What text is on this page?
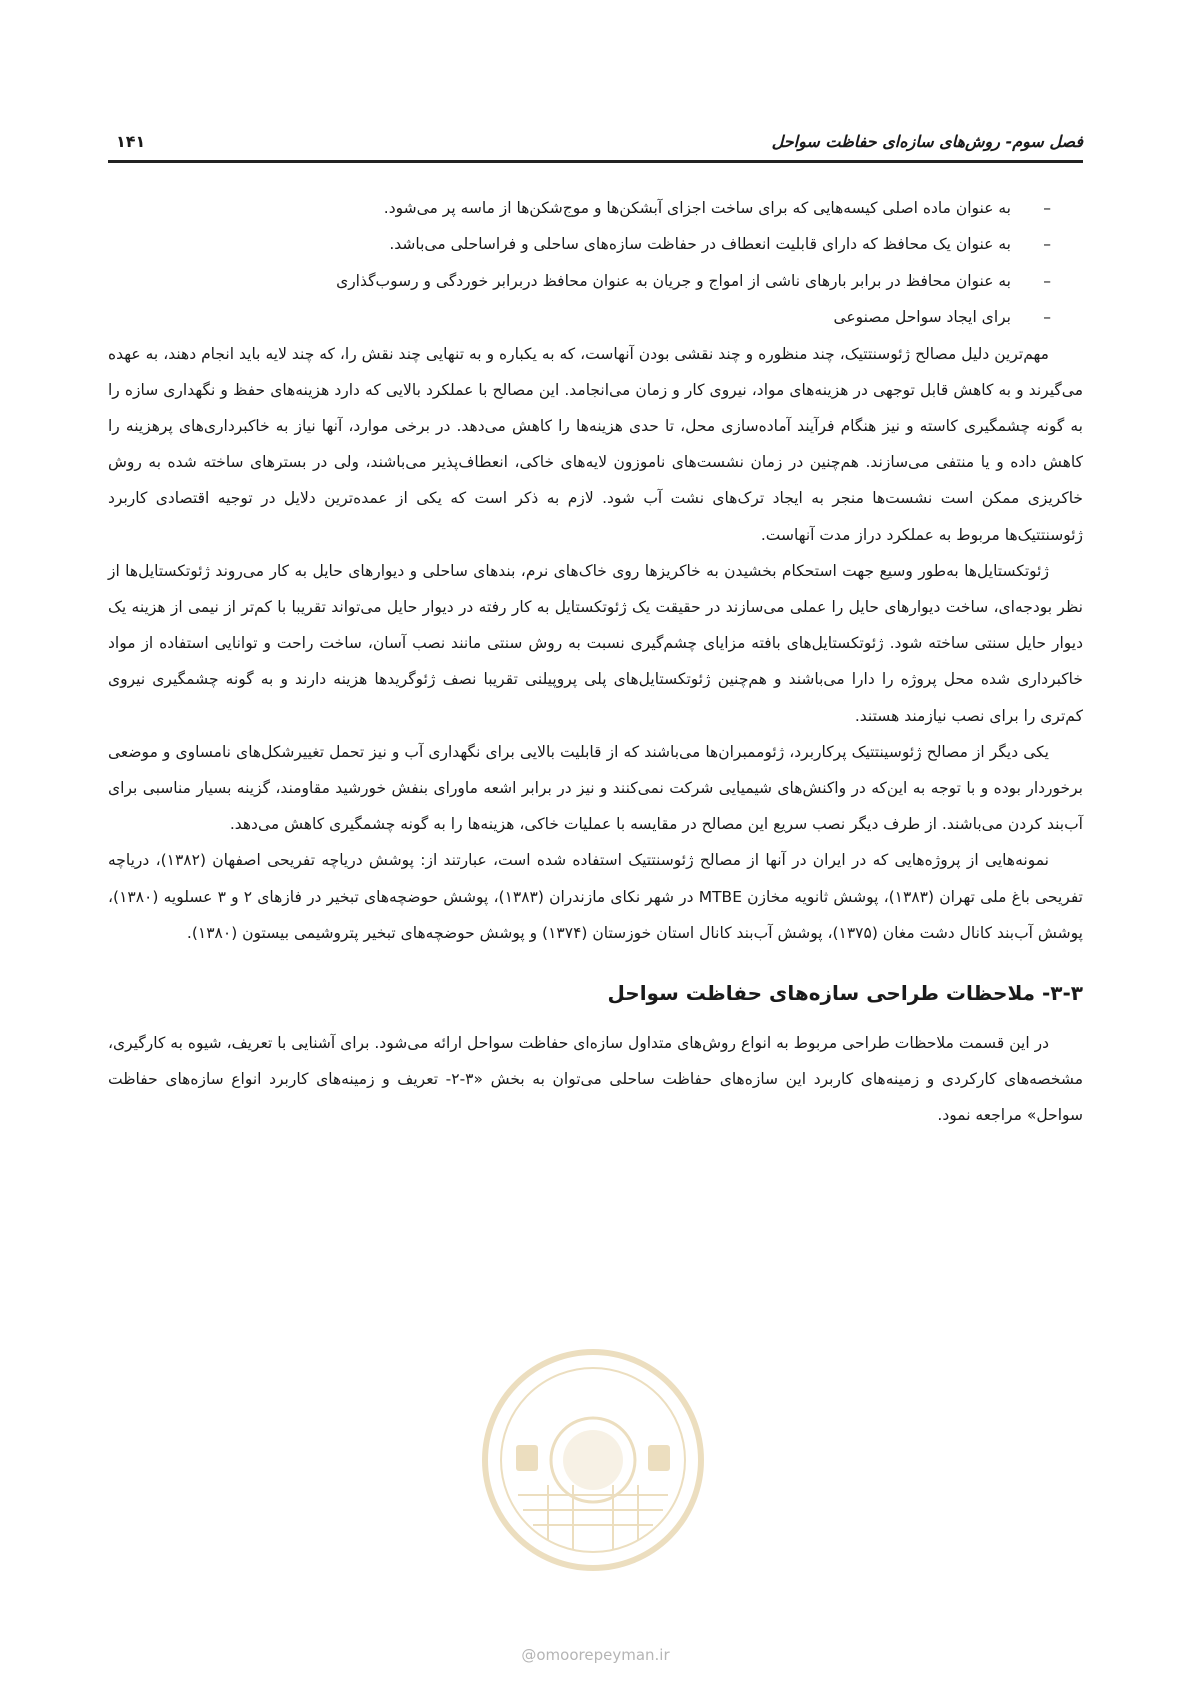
فصل سوم- روش‌های سازه‌ای حفاظت سواحل
۱۴۱
– به عنوان ماده اصلی کیسه‌هایی که برای ساخت اجزای آبشکن‌ها و موج‌شکن‌ها از ماسه پر می‌شود.
– به عنوان یک محافظ که دارای قابلیت انعطاف در حفاظت سازه‌های ساحلی و فراساحلی می‌باشد.
– به عنوان محافظ در برابر بارهای ناشی از امواج و جریان به عنوان محافظ دربرابر خوردگی و رسوب‌گذاری
– برای ایجاد سواحل مصنوعی

مهم‌ترین دلیل مصالح ژئوسنتتیک، چند منظوره و چند نقشی بودن آنهاست، که به یکباره و به تنهایی چند نقش را، که چند لایه باید انجام دهند، به عهده می‌گیرند و به کاهش قابل توجهی در هزینه‌های مواد، نیروی کار و زمان می‌انجامد. این مصالح با عملکرد بالایی که دارد هزینه‌های حفظ و نگهداری سازه را به گونه چشمگیری کاسته و نیز هنگام فرآیند آماده‌سازی محل، تا حدی هزینه‌ها را کاهش می‌دهد. در برخی موارد، آنها نیاز به خاکبرداری‌های پرهزینه را کاهش داده و یا منتفی می‌سازند. هم‌چنین در زمان نشست‌های ناموزون لایه‌های خاکی، انعطاف‌پذیر می‌باشند، ولی در بسترهای ساخته شده به روش خاکریزی ممکن است نشست‌ها منجر به ایجاد ترک‌های نشت آب شود. لازم به ذکر است که یکی از عمده‌ترین دلایل در توجیه اقتصادی کاربرد ژئوسنتتیک‌ها مربوط به عملکرد دراز مدت آنهاست.

ژئوتکستایل‌ها به‌طور وسیع جهت استحکام بخشیدن به خاکریزها روی خاک‌های نرم، بندهای ساحلی و دیوارهای حایل به کار می‌روند ژئوتکستایل‌ها از نظر بودجه‌ای، ساخت دیوارهای حایل را عملی می‌سازند در حقیقت یک ژئوتکستایل به کار رفته در دیوار حایل می‌تواند تقریبا با کم‌تر از نیمی از هزینه یک دیوار حایل سنتی ساخته شود. ژئوتکستایل‌های بافته مزایای چشم‌گیری نسبت به روش سنتی مانند نصب آسان، ساخت راحت و توانایی استفاده از مواد خاکبرداری شده محل پروژه را دارا می‌باشند و هم‌چنین ژئوتکستایل‌های پلی پروپیلنی تقریبا نصف ژئوگریدها هزینه دارند و به گونه چشمگیری نیروی کم‌تری را برای نصب نیازمند هستند.

یکی دیگر از مصالح ژئوسینتتیک پرکاربرد، ژئوممبران‌ها می‌باشند که از قابلیت بالایی برای نگهداری آب و نیز تحمل تغییرشکل‌های نامساوی و موضعی برخوردار بوده و با توجه به این‌که در واکنش‌های شیمیایی شرکت نمی‌کنند و نیز در برابر اشعه ماورای بنفش خورشید مقاومند، گزینه بسیار مناسبی برای آب‌بند کردن می‌باشند. از طرف دیگر نصب سریع این مصالح در مقایسه با عملیات خاکی، هزینه‌ها را به گونه چشمگیری کاهش می‌دهد.

نمونه‌هایی از پروژه‌هایی که در ایران در آنها از مصالح ژئوسنتتیک استفاده شده است، عبارتند از: پوشش دریاچه تفریحی اصفهان (۱۳۸۲)، دریاچه تفریحی باغ ملی تهران (۱۳۸۳)، پوشش ثانویه مخازن MTBE در شهر نکای مازندران (۱۳۸۳)، پوشش حوضچه‌های تبخیر در فازهای ۲ و ۳ عسلویه (۱۳۸۰)، پوشش آب‌بند کانال دشت مغان (۱۳۷۵)، پوشش آب‌بند کانال استان خوزستان (۱۳۷۴) و پوشش حوضچه‌های تبخیر پتروشیمی بیستون (۱۳۸۰).

۳-۳- ملاحظات طراحی سازه‌های حفاظت سواحل

در این قسمت ملاحظات طراحی مربوط به انواع روش‌های متداول سازه‌ای حفاظت سواحل ارائه می‌شود. برای آشنایی با تعریف، شیوه به کارگیری، مشخصه‌های کارکردی و زمینه‌های کاربرد این سازه‌های حفاظت ساحلی می‌توان به بخش «۳-۲- تعریف و زمینه‌های کاربرد انواع سازه‌های حفاظت سواحل» مراجعه نمود.

@omoorepeyman.ir
